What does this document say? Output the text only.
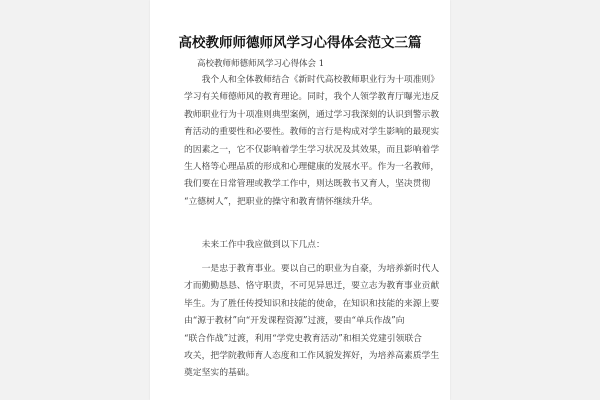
高校教师师德师风学习心得体会范文三篇
高校教师师德师风学习心得体会 1
　　我个人和全体教师结合《新时代高校教师职业行为十项准则》
学习有关师德师风的教育理论。同时，我个人领学教育厅曝光违反
教师职业行为十项准则典型案例，通过学习我深刻的认识到警示教
育活动的重要性和必要性。教师的言行是构成对学生影响的最现实
的因素之一，它不仅影响着学生学习状况及其效果，而且影响着学
生人格等心理品质的形成和心理健康的发展水平。作为一名教师，
我们要在日常管理或教学工作中，则达既教书又育人，坚决贯彻
“立德树人”，把职业的操守和教育情怀继续升华。
　　未来工作中我应做到以下几点：
　　一是忠于教育事业。要以自己的职业为自豪，为培养新时代人
才而勤勤恳恳、恪守职责，不可见异思迁，要立志为教育事业贡献
毕生。为了胜任传授知识和技能的使命，在知识和技能的来源上要
由“源于教材”向“开发课程资源”过渡，要由“单兵作战”向
“联合作战”过渡，利用“学党史教育活动”和相关党建引领联合
攻关，把学院教师育人态度和工作风貌发挥好，为培养高素质学生
奠定坚实的基础。
